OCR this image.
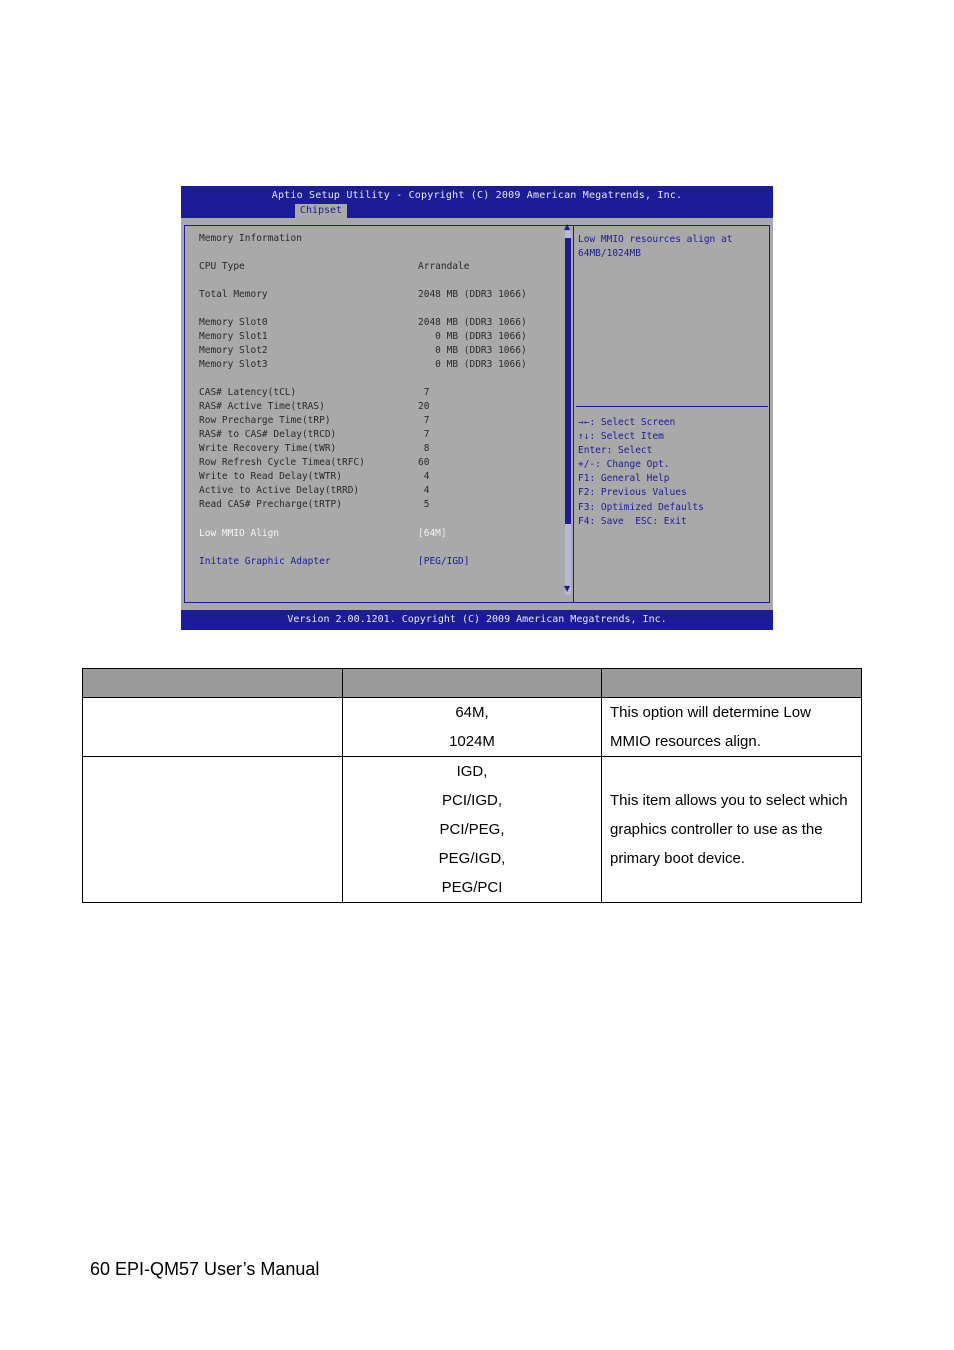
Aptio Setup Utility - Copyright (C) 2009 American Megatrends, Inc.
Chipset
▲
▼
Memory Information
CPU Type	Arrandale
Total Memory	2048 MB (DDR3 1066)
Memory Slot0	2048 MB (DDR3 1066)
Memory Slot1	0 MB (DDR3 1066)
Memory Slot2	0 MB (DDR3 1066)
Memory Slot3	0 MB (DDR3 1066)
CAS# Latency(tCL)	7
RAS# Active Time(tRAS)	20
Row Precharge Time(tRP)	7
RAS# to CAS# Delay(tRCD)	7
Write Recovery Time(tWR)	8
Row Refresh Cycle Timea(tRFC)	60
Write to Read Delay(tWTR)	4
Active to Active Delay(tRRD)	4
Read CAS# Precharge(tRTP)	5
Low MMIO Align	[64M]
Initate Graphic Adapter	[PEG/IGD]
Low MMIO resources align at 64MB/1024MB
→←: Select Screen
↑↓: Select Item
Enter: Select
+/-: Change Opt.
F1: General Help
F2: Previous Values
F3: Optimized Defaults
F4: Save  ESC: Exit
Version 2.00.1201. Copyright (C) 2009 American Megatrends, Inc.

	64M,
1024M	This option will determine Low MMIO resources align.

	IGD,
PCI/IGD,
PCI/PEG,
PEG/IGD,
PEG/PCI	This item allows you to select which graphics controller to use as the primary boot device.
60 EPI-QM57 User’s Manual
